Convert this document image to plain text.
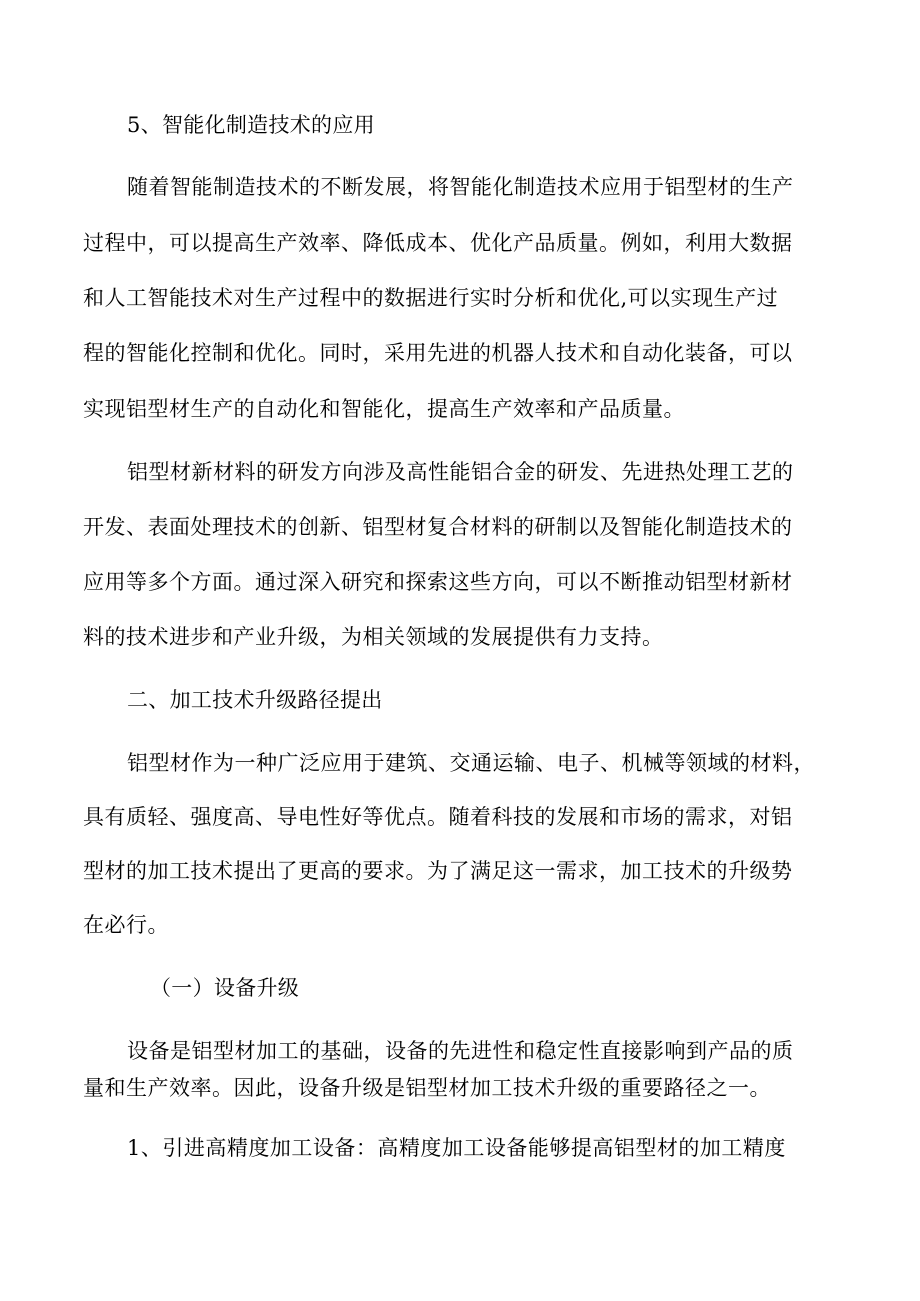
5、智能化制造技术的应用
随着智能制造技术的不断发展，将智能化制造技术应用于铝型材的生产
过程中，可以提高生产效率、降低成本、优化产品质量。例如，利用大数据
和人工智能技术对生产过程中的数据进行实时分析和优化,可以实现生产过
程的智能化控制和优化。同时，采用先进的机器人技术和自动化装备，可以
实现铝型材生产的自动化和智能化，提高生产效率和产品质量。
铝型材新材料的研发方向涉及高性能铝合金的研发、先进热处理工艺的
开发、表面处理技术的创新、铝型材复合材料的研制以及智能化制造技术的
应用等多个方面。通过深入研究和探索这些方向，可以不断推动铝型材新材
料的技术进步和产业升级，为相关领域的发展提供有力支持。
二、加工技术升级路径提出
铝型材作为一种广泛应用于建筑、交通运输、电子、机械等领域的材料，
具有质轻、强度高、导电性好等优点。随着科技的发展和市场的需求，对铝
型材的加工技术提出了更高的要求。为了满足这一需求，加工技术的升级势
在必行。
（一）设备升级
设备是铝型材加工的基础，设备的先进性和稳定性直接影响到产品的质
量和生产效率。因此，设备升级是铝型材加工技术升级的重要路径之一。
1、引进高精度加工设备：高精度加工设备能够提高铝型材的加工精度
